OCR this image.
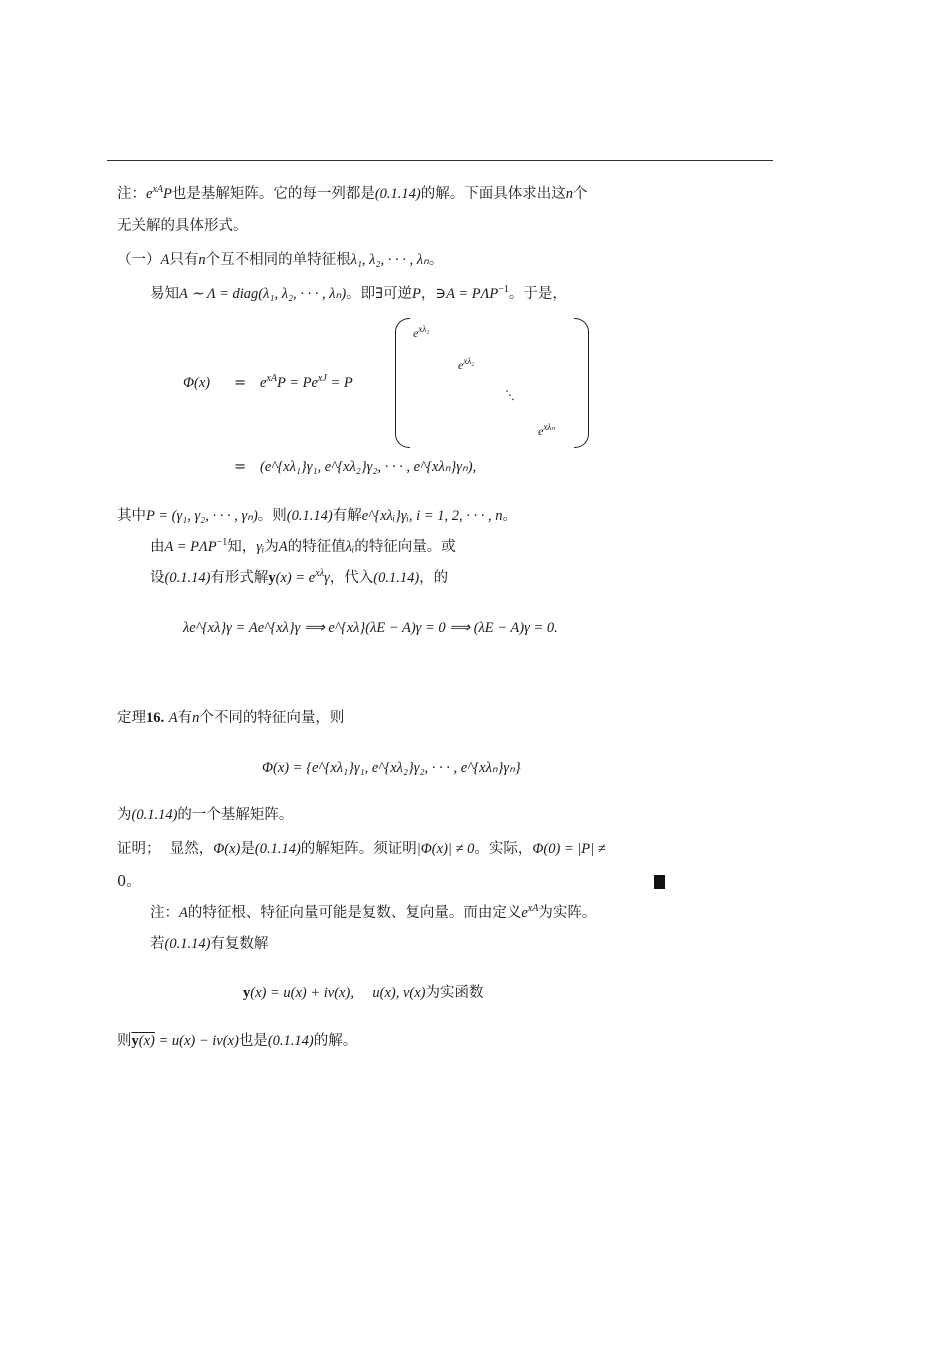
注：$e^{xA}P$也是基解矩阵。它的每一列都是(0.1.14)的解。下面具体求出这n个
无关解的具体形式。
（一）A只有n个互不相同的单特征根λ₁, λ₂, · · · , λₙ。
易知A ∼ Λ = diag(λ₁, λ₂, · · · , λₙ)。即∃可逆P，∋A = $P\Lambda P^{-1}$。于是，
$\Phi(x) = e^{xA}P = Pe^{xJ} = P$
$e^{x\lambda_1}$
$e^{x\lambda_2}$
⋱
$e^{x\lambda_n}$
= (e^{xλ₁}γ₁, e^{xλ₂}γ₂, · · · , e^{xλₙ}γₙ),
其中P = (γ₁, γ₂, · · · , γₙ)。则(0.1.14)有解e^{xλᵢ}γᵢ, i = 1, 2, · · · , n。
由$A = P\Lambda P^{-1}$知，γᵢ为A的特征值λᵢ的特征向量。或
设(0.1.14)有形式解$y(x) = e^{x\lambda}\gamma$，代入(0.1.14)，的
λe^{xλ}γ = Ae^{xλ}γ ⟹ e^{xλ}(λE − A)γ = 0 ⟹ (λE − A)γ = 0.
定理16. A有n个不同的特征向量，则
Φ(x) = {e^{xλ₁}γ₁, e^{xλ₂}γ₂, · · · , e^{xλₙ}γₙ}
为(0.1.14)的一个基解矩阵。
证明； 显然，Φ(x)是(0.1.14)的解矩阵。须证明|Φ(x)| ≠ 0。实际，Φ(0) = |P| ≠
0。
注：A的特征根、特征向量可能是复数、复向量。而由定义$e^{xA}$为实阵。
若(0.1.14)有复数解
y(x) = u(x) + iv(x), u(x), v(x)为实函数
则y(x) = u(x) − iv(x)也是(0.1.14)的解。
